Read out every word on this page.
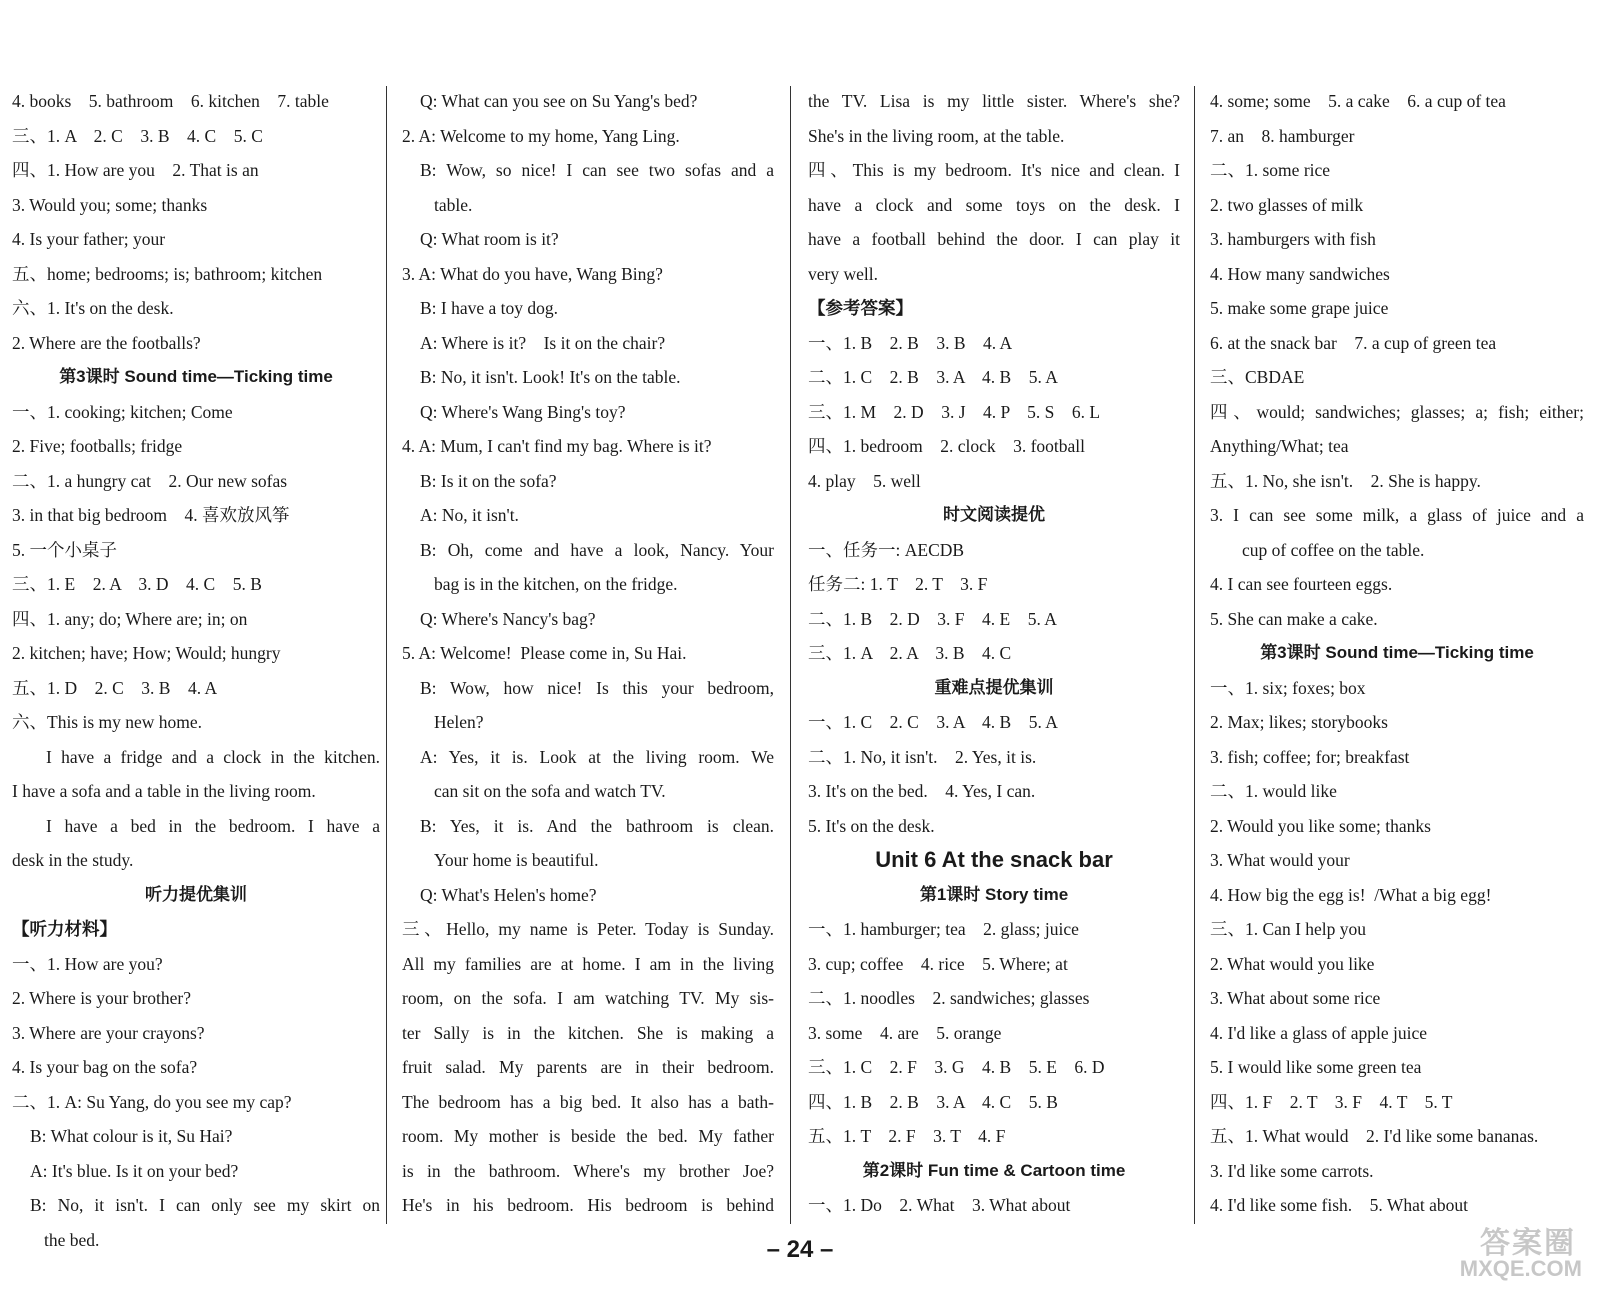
4. books    5. bathroom    6. kitchen    7. table
三、1. A    2. C    3. B    4. C    5. C
四、1. How are you    2. That is an
3. Would you; some; thanks
4. Is your father; your
五、home; bedrooms; is; bathroom; kitchen
六、1. It's on the desk.
2. Where are the footballs?
第3课时 Sound time—Ticking time
一、1. cooking; kitchen; Come
2. Five; footballs; fridge
二、1. a hungry cat    2. Our new sofas
3. in that big bedroom    4. 喜欢放风筝
5. 一个小桌子
三、1. E    2. A    3. D    4. C    5. B
四、1. any; do; Where are; in; on
2. kitchen; have; How; Would; hungry
五、1. D    2. C    3. B    4. A
六、This is my new home.
I have a fridge and a clock in the kitchen.
I have a sofa and a table in the living room.
I have a bed in the bedroom. I have a
desk in the study.
听力提优集训
【听力材料】
一、1. How are you?
2. Where is your brother?
3. Where are your crayons?
4. Is your bag on the sofa?
二、1. A: Su Yang, do you see my cap?
B: What colour is it, Su Hai?
A: It's blue. Is it on your bed?
B: No, it isn't. I can only see my skirt on
the bed.
Q: What can you see on Su Yang's bed?
2. A: Welcome to my home, Yang Ling.
B: Wow, so nice! I can see two sofas and a
table.
Q: What room is it?
3. A: What do you have, Wang Bing?
B: I have a toy dog.
A: Where is it?    Is it on the chair?
B: No, it isn't. Look! It's on the table.
Q: Where's Wang Bing's toy?
4. A: Mum, I can't find my bag. Where is it?
B: Is it on the sofa?
A: No, it isn't.
B: Oh, come and have a look, Nancy. Your
bag is in the kitchen, on the fridge.
Q: Where's Nancy's bag?
5. A: Welcome!  Please come in, Su Hai.
B: Wow, how nice! Is this your bedroom,
Helen?
A: Yes, it is. Look at the living room. We
can sit on the sofa and watch TV.
B: Yes, it is. And the bathroom is clean.
Your home is beautiful.
Q: What's Helen's home?
三、Hello, my name is Peter. Today is Sunday.
All my families are at home. I am in the living
room, on the sofa. I am watching TV. My sis-
ter Sally is in the kitchen. She is making a
fruit salad. My parents are in their bedroom.
The bedroom has a big bed. It also has a bath-
room. My mother is beside the bed. My father
is in the bathroom. Where's my brother Joe?
He's in his bedroom. His bedroom is behind
the TV. Lisa is my little sister. Where's she?
She's in the living room, at the table.
四、This is my bedroom. It's nice and clean. I
have a clock and some toys on the desk. I
have a football behind the door. I can play it
very well.
【参考答案】
一、1. B    2. B    3. B    4. A
二、1. C    2. B    3. A    4. B    5. A
三、1. M    2. D    3. J    4. P    5. S    6. L
四、1. bedroom    2. clock    3. football
4. play    5. well
时文阅读提优
一、任务一: AECDB
任务二: 1. T    2. T    3. F
二、1. B    2. D    3. F    4. E    5. A
三、1. A    2. A    3. B    4. C
重难点提优集训
一、1. C    2. C    3. A    4. B    5. A
二、1. No, it isn't.    2. Yes, it is.
3. It's on the bed.    4. Yes, I can.
5. It's on the desk.
Unit 6 At the snack bar
第1课时 Story time
一、1. hamburger; tea    2. glass; juice
3. cup; coffee    4. rice    5. Where; at
二、1. noodles    2. sandwiches; glasses
3. some    4. are    5. orange
三、1. C    2. F    3. G    4. B    5. E    6. D
四、1. B    2. B    3. A    4. C    5. B
五、1. T    2. F    3. T    4. F
第2课时 Fun time & Cartoon time
一、1. Do    2. What    3. What about
4. some; some    5. a cake    6. a cup of tea
7. an    8. hamburger
二、1. some rice
2. two glasses of milk
3. hamburgers with fish
4. How many sandwiches
5. make some grape juice
6. at the snack bar    7. a cup of green tea
三、CBDAE
四、would; sandwiches; glasses; a; fish; either;
Anything/What; tea
五、1. No, she isn't.    2. She is happy.
3. I can see some milk, a glass of juice and a
cup of coffee on the table.
4. I can see fourteen eggs.
5. She can make a cake.
第3课时 Sound time—Ticking time
一、1. six; foxes; box
2. Max; likes; storybooks
3. fish; coffee; for; breakfast
二、1. would like
2. Would you like some; thanks
3. What would your
4. How big the egg is!  /What a big egg!
三、1. Can I help you
2. What would you like
3. What about some rice
4. I'd like a glass of apple juice
5. I would like some green tea
四、1. F    2. T    3. F    4. T    5. T
五、1. What would    2. I'd like some bananas.
3. I'd like some carrots.
4. I'd like some fish.    5. What about
– 24 –	答案圈
MXQE.COM
